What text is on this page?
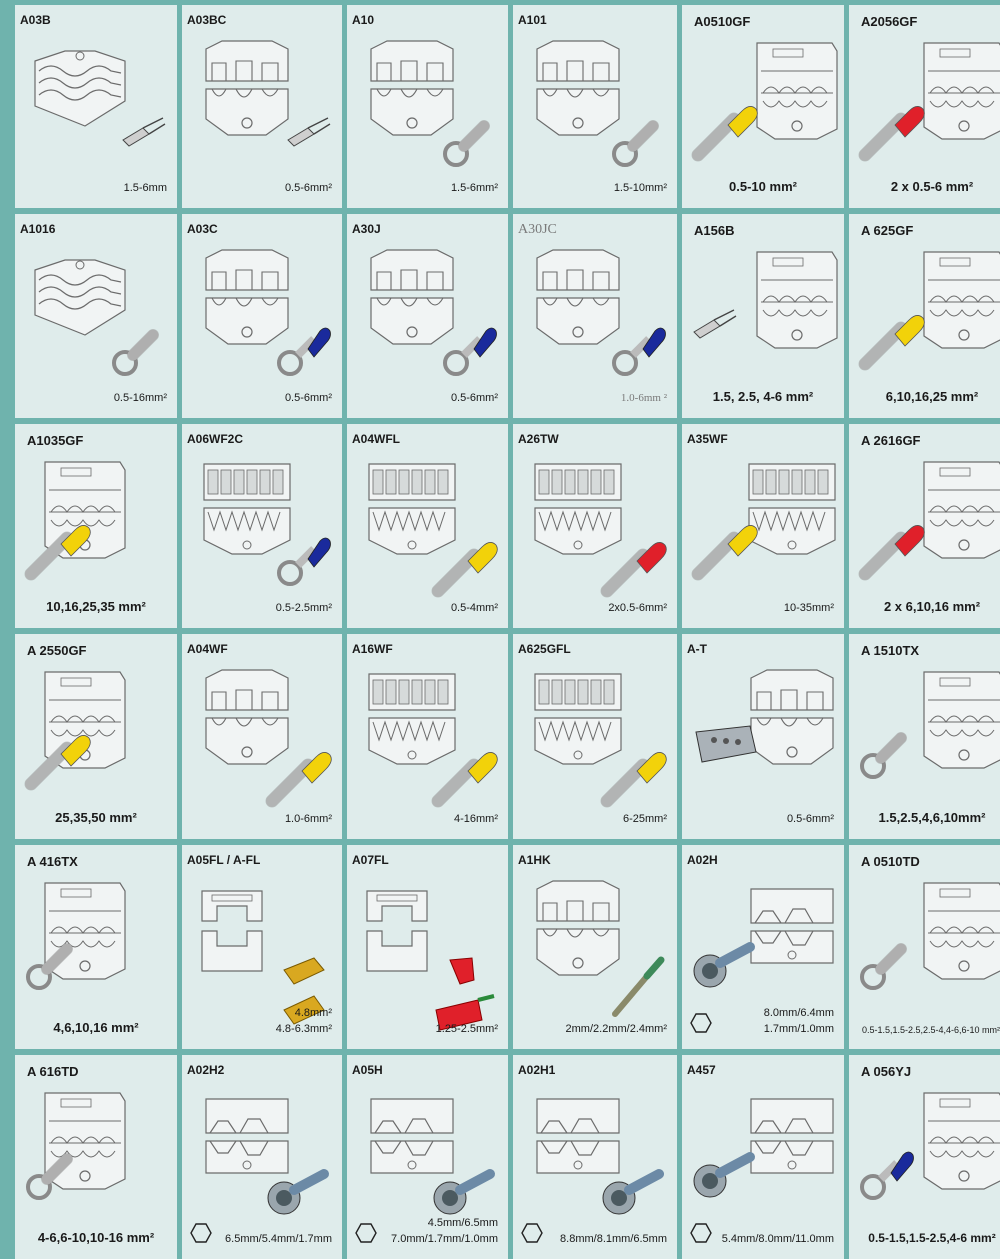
A03B
1.5-6mm
A03BC
0.5-6mm²
A10
1.5-6mm²
A101
1.5-10mm²
A0510GF
0.5-10 mm²
A2056GF
2 x 0.5-6 mm²
A1016
0.5-16mm²
A03C
0.5-6mm²
A30J
0.5-6mm²
A30JC
1.0-6mm ²
A156B
1.5, 2.5, 4-6 mm²
A 625GF
6,10,16,25 mm²
A1035GF
10,16,25,35 mm²
A06WF2C
0.5-2.5mm²
A04WFL
0.5-4mm²
A26TW
2x0.5-6mm²
A35WF
10-35mm²
A 2616GF
2 x 6,10,16 mm²
A 2550GF
25,35,50 mm²
A04WF
1.0-6mm²
A16WF
4-16mm²
A625GFL
6-25mm²
A-T
0.5-6mm²
A 1510TX
1.5,2.5,4,6,10mm²
A 416TX
4,6,10,16 mm²
A05FL / A-FL
4.8-6.3mm²
4.8mm²
A07FL
1.25-2.5mm²
A1HK
2mm/2.2mm/2.4mm²
A02H
1.7mm/1.0mm
8.0mm/6.4mm
A 0510TD
0.5-1.5,1.5-2.5,2.5-4,4-6,6-10 mm²
A 616TD
4-6,6-10,10-16 mm²
A02H2
6.5mm/5.4mm/1.7mm
A05H
7.0mm/1.7mm/1.0mm
4.5mm/6.5mm
A02H1
8.8mm/8.1mm/6.5mm
A457
5.4mm/8.0mm/11.0mm
A 056YJ
0.5-1.5,1.5-2.5,4-6 mm²
